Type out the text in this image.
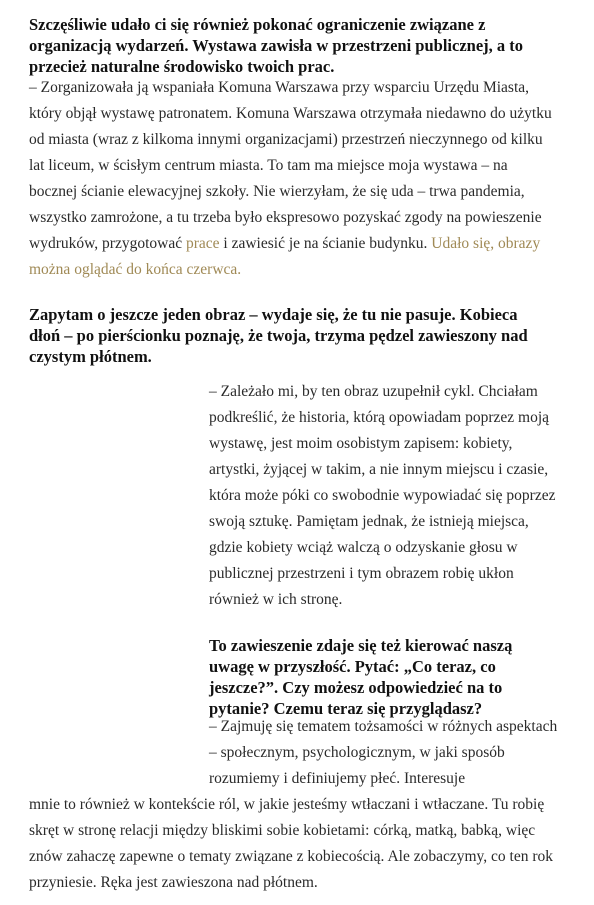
Szczęśliwie udało ci się również pokonać ograniczenie związane z organizacją wydarzeń. Wystawa zawisła w przestrzeni publicznej, a to przecież naturalne środowisko twoich prac.

– Zorganizowała ją wspaniała Komuna Warszawa przy wsparciu Urzędu Miasta, który objął wystawę patronatem. Komuna Warszawa otrzymała niedawno do użytku od miasta (wraz z kilkoma innymi organizacjami) przestrzeń nieczynnego od kilku lat liceum, w ścisłym centrum miasta. To tam ma miejsce moja wystawa – na bocznej ścianie elewacyjnej szkoły. Nie wierzyłam, że się uda – trwa pandemia, wszystko zamrożone, a tu trzeba było ekspresowo pozyskać zgody na powieszenie wydruków, przygotować prace i zawiesić je na ścianie budynku. Udało się, obrazy można oglądać do końca czerwca.

Zapytam o jeszcze jeden obraz – wydaje się, że tu nie pasuje. Kobieca dłoń – po pierścionku poznaję, że twoja, trzyma pędzel zawieszony nad czystym płótnem.

– Zależało mi, by ten obraz uzupełnił cykl. Chciałam podkreślić, że historia, którą opowiadam poprzez moją wystawę, jest moim osobistym zapisem: kobiety, artystki, żyjącej w takim, a nie innym miejscu i czasie, która może póki co swobodnie wypowiadać się poprzez swoją sztukę. Pamiętam jednak, że istnieją miejsca, gdzie kobiety wciąż walczą o odzyskanie głosu w publicznej przestrzeni i tym obrazem robię ukłon również w ich stronę.

To zawieszenie zdaje się też kierować naszą uwagę w przyszłość. Pytać: „Co teraz, co jeszcze?”. Czy możesz odpowiedzieć na to pytanie? Czemu teraz się przyglądasz?

– Zajmuję się tematem tożsamości w różnych aspektach – społecznym, psychologicznym, w jaki sposób rozumiemy i definiujemy płeć. Interesuje

mnie to również w kontekście ról, w jakie jesteśmy wtłaczani i wtłaczane. Tu robię skręt w stronę relacji między bliskimi sobie kobietami: córką, matką, babką, więc znów zahaczę zapewne o tematy związane z kobiecością. Ale zobaczymy, co ten rok przyniesie. Ręka jest zawieszona nad płótnem.
